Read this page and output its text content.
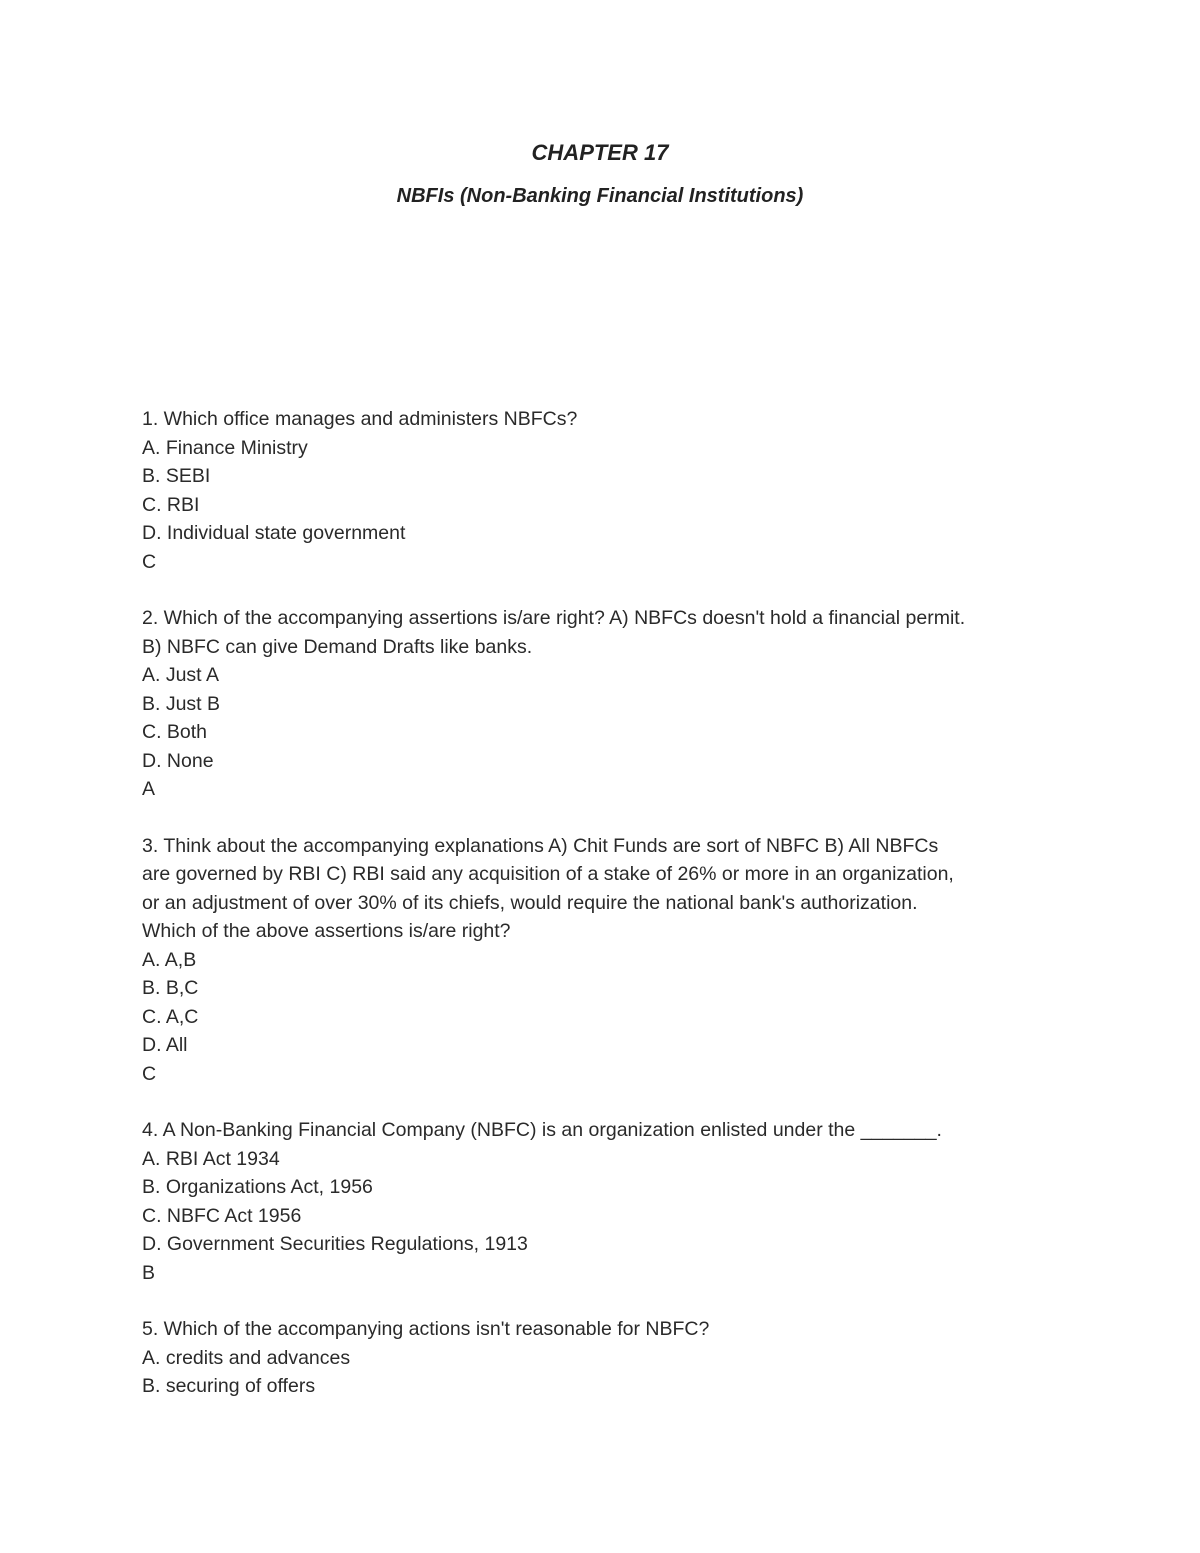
CHAPTER 17
NBFIs (Non-Banking Financial Institutions)
1. Which office manages and administers NBFCs?
A. Finance Ministry
B. SEBI
C. RBI
D. Individual state government
C
2. Which of the accompanying assertions is/are right? A) NBFCs doesn't hold a financial permit.
B) NBFC can give Demand Drafts like banks.
A. Just A
B. Just B
C. Both
D. None
A
3. Think about the accompanying explanations A) Chit Funds are sort of NBFC B) All NBFCs
are governed by RBI C) RBI said any acquisition of a stake of 26% or more in an organization,
or an adjustment of over 30% of its chiefs, would require the national bank's authorization.
Which of the above assertions is/are right?
A. A,B
B. B,C
C. A,C
D. All
C
4. A Non-Banking Financial Company (NBFC) is an organization enlisted under the _______.
A. RBI Act 1934
B. Organizations Act, 1956
C. NBFC Act 1956
D. Government Securities Regulations, 1913
B
5. Which of the accompanying actions isn't reasonable for NBFC?
A. credits and advances
B. securing of offers
